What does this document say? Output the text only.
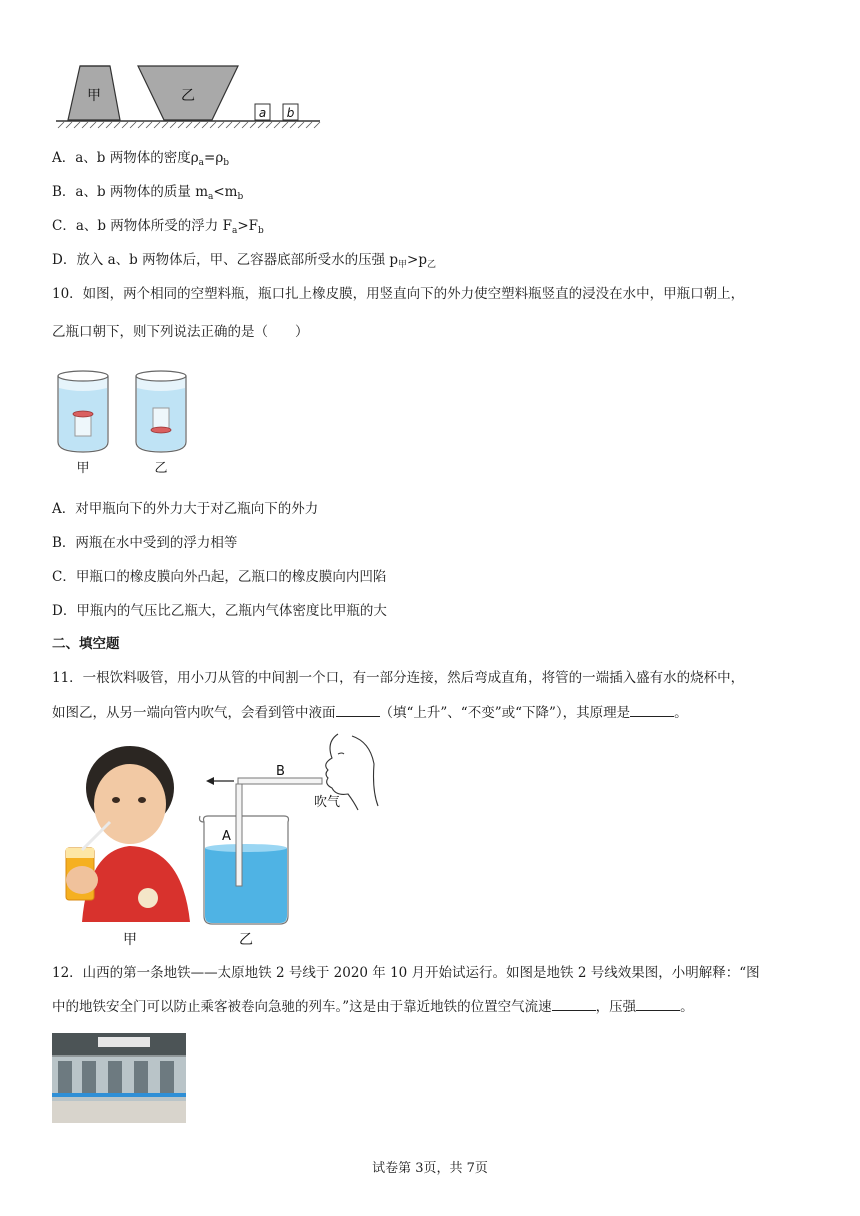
甲	乙
a b
A．a、b 两物体的密度$\rho_a=\rho_b$
B．a、b 两物体的质量 $m_a<m_b$
C．a、b 两物体所受的浮力 $F_a>F_b$
D．放入 a、b 两物体后，甲、乙容器底部所受水的压强 $p_甲>p_乙$
10．如图，两个相同的空塑料瓶，瓶口扎上橡皮膜，用竖直向下的外力使空塑料瓶竖直的浸没在水中，甲瓶口朝上，
乙瓶口朝下，则下列说法正确的是（　　）
甲	乙
A．对甲瓶向下的外力大于对乙瓶向下的外力
B．两瓶在水中受到的浮力相等
C．甲瓶口的橡皮膜向外凸起，乙瓶口的橡皮膜向内凹陷
D．甲瓶内的气压比乙瓶大，乙瓶内气体密度比甲瓶的大
二、填空题
11．一根饮料吸管，用小刀从管的中间割一个口，有一部分连接，然后弯成直角，将管的一端插入盛有水的烧杯中，
如图乙，从另一端向管内吹气，会看到管中液面	（填“上升”、“不变”或“下降”），其原理是	。
甲
A
B
吹气
乙
12．山西的第一条地铁——太原地铁 2 号线于 2020 年 10 月开始试运行。如图是地铁 2 号线效果图，小明解释：“图
中的地铁安全门可以防止乘客被卷向急驰的列车。”这是由于靠近地铁的位置空气流速	，压强	。
试卷第 3页，共 7页
